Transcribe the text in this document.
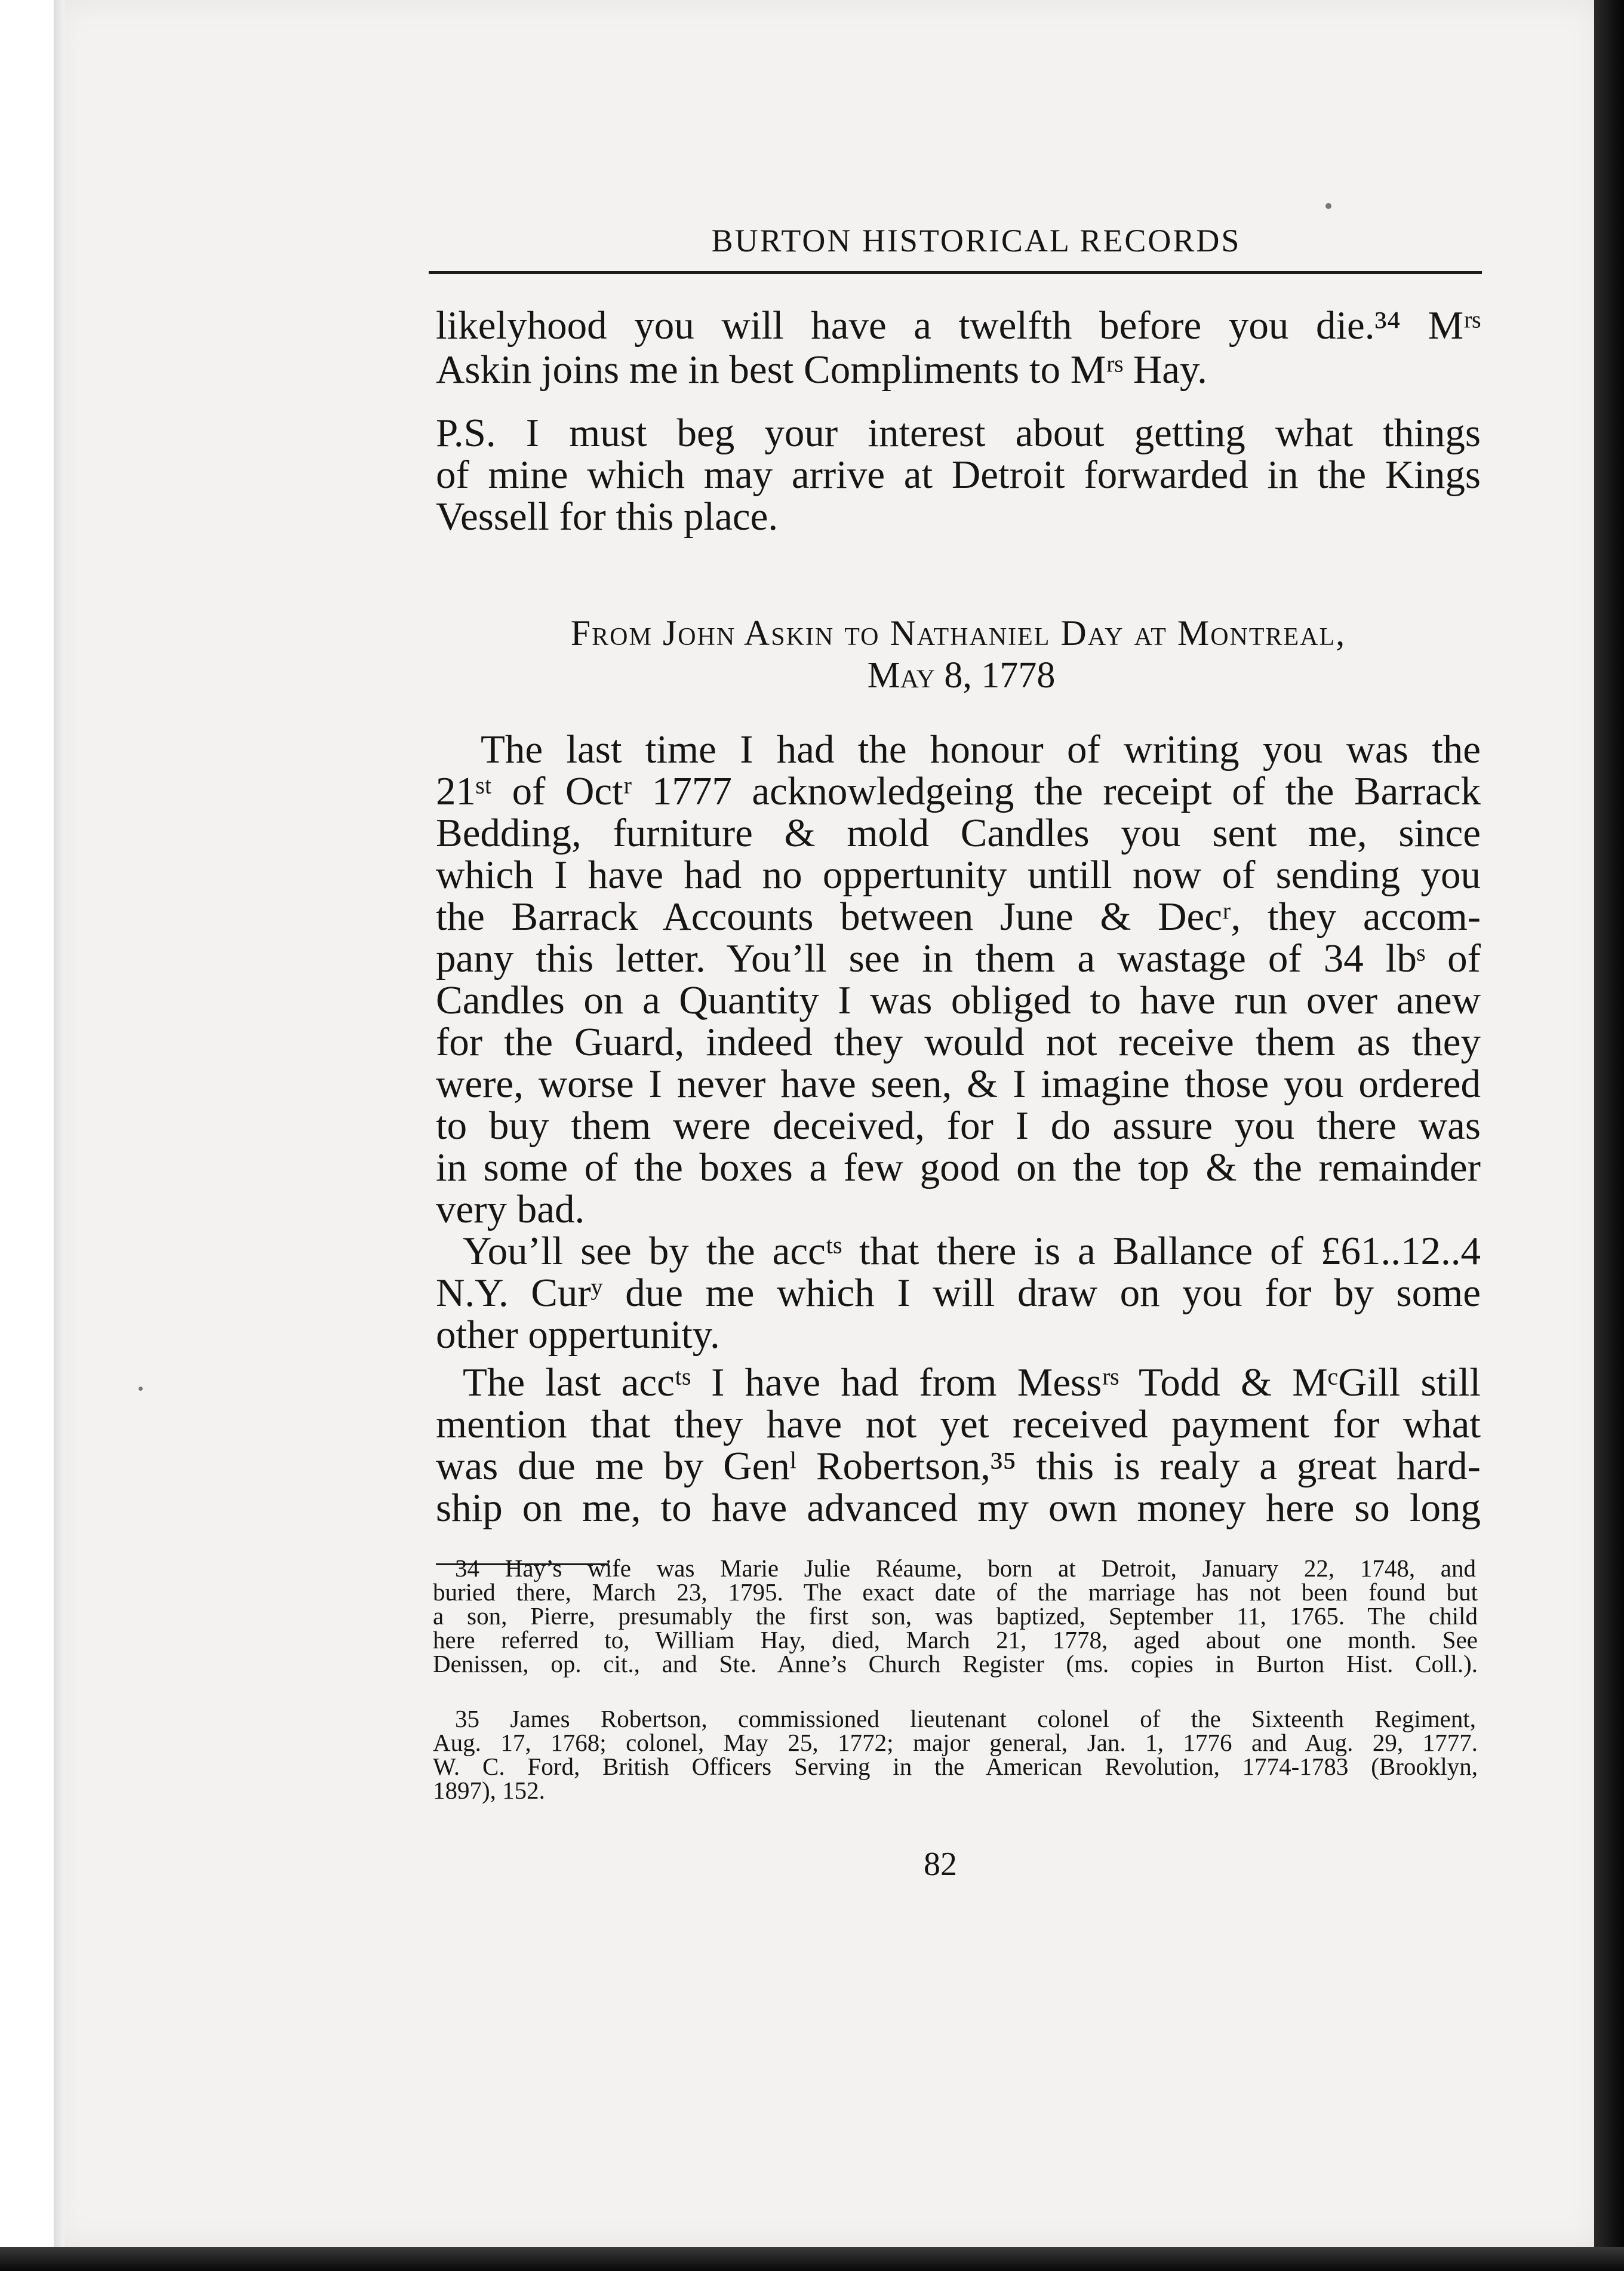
BURTON HISTORICAL RECORDS
likelyhood you will have a twelfth before you die.³⁴ Mʳˢ
Askin joins me in best Compliments to Mʳˢ Hay.
P.S. I must beg your interest about getting what things
of mine which may arrive at Detroit forwarded in the Kings
Vessell for this place.
From John Askin to Nathaniel Day at Montreal,
May 8, 1778
The last time I had the honour of writing you was the
21ˢᵗ of Octʳ 1777 acknowledgeing the receipt of the Barrack
Bedding, furniture & mold Candles you sent me, since
which I have had no oppertunity untill now of sending you
the Barrack Accounts between June & Decʳ, they accom-
pany this letter. You’ll see in them a wastage of 34 lbˢ of
Candles on a Quantity I was obliged to have run over anew
for the Guard, indeed they would not receive them as they
were, worse I never have seen, & I imagine those you ordered
to buy them were deceived, for I do assure you there was
in some of the boxes a few good on the top & the remainder
very bad.
You’ll see by the accᵗˢ that there is a Ballance of £61..12..4
N.Y. Curʸ due me which I will draw on you for by some
other oppertunity.
The last accᵗˢ I have had from Messʳˢ Todd & MᶜGill still
mention that they have not yet received payment for what
was due me by Genˡ Robertson,³⁵ this is realy a great hard-
ship on me, to have advanced my own money here so long
34 Hay’s wife was Marie Julie Réaume, born at Detroit, January 22, 1748, and
buried there, March 23, 1795. The exact date of the marriage has not been found but
a son, Pierre, presumably the first son, was baptized, September 11, 1765. The child
here referred to, William Hay, died, March 21, 1778, aged about one month. See
Denissen, op. cit., and Ste. Anne’s Church Register (ms. copies in Burton Hist. Coll.).
35 James Robertson, commissioned lieutenant colonel of the Sixteenth Regiment,
Aug. 17, 1768; colonel, May 25, 1772; major general, Jan. 1, 1776 and Aug. 29, 1777.
W. C. Ford, British Officers Serving in the American Revolution, 1774-1783 (Brooklyn,
1897), 152.
82
